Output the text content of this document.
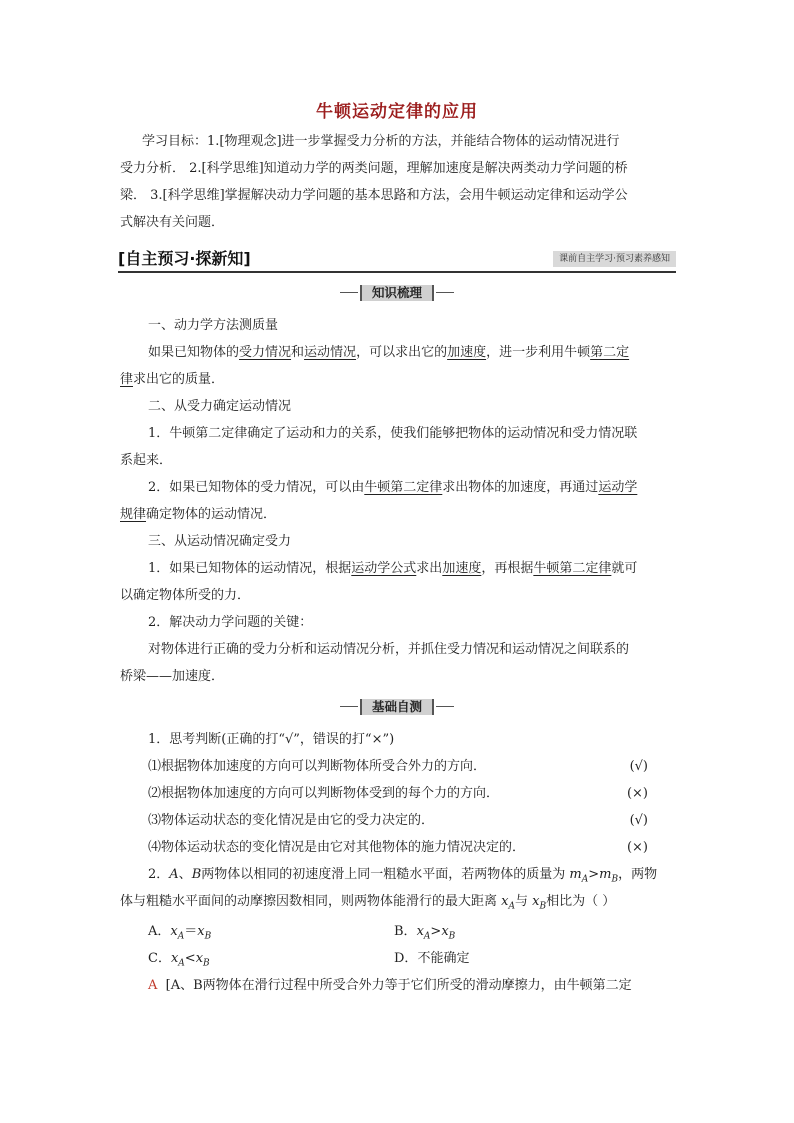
牛顿运动定律的应用
学习目标：1.[物理观念]进一步掌握受力分析的方法，并能结合物体的运动情况进行
受力分析． 2.[科学思维]知道动力学的两类问题，理解加速度是解决两类动力学问题的桥
梁． 3.[科学思维]掌握解决动力学问题的基本思路和方法，会用牛顿运动定律和运动学公
式解决有关问题．
[自主预习·探新知]	课前自主学习·预习素养感知
知识梳理
一、动力学方法测质量
如果已知物体的受力情况和运动情况，可以求出它的加速度，进一步利用牛顿第二定
律求出它的质量．
二、从受力确定运动情况
1．牛顿第二定律确定了运动和力的关系，使我们能够把物体的运动情况和受力情况联
系起来．
2．如果已知物体的受力情况，可以由牛顿第二定律求出物体的加速度，再通过运动学
规律确定物体的运动情况．
三、从运动情况确定受力
1．如果已知物体的运动情况，根据运动学公式求出加速度，再根据牛顿第二定律就可
以确定物体所受的力．
2．解决动力学问题的关键：
对物体进行正确的受力分析和运动情况分析，并抓住受力情况和运动情况之间联系的
桥梁——加速度．
基础自测
1．思考判断(正确的打“√”，错误的打“×”)
⑴根据物体加速度的方向可以判断物体所受合外力的方向．	(√)
⑵根据物体加速度的方向可以判断物体受到的每个力的方向．	(×)
⑶物体运动状态的变化情况是由它的受力决定的．	(√)
⑷物体运动状态的变化情况是由它对其他物体的施力情况决定的．	(×)
2．A、B两物体以相同的初速度滑上同一粗糙水平面，若两物体的质量为 $m_A>m_B$，两物
体与粗糙水平面间的动摩擦因数相同，则两物体能滑行的最大距离 $x_A$与 $x_B$相比为（ ）
A．$x_A=x_B$	B．$x_A>x_B$
C．$x_A<x_B$	D．不能确定
A [A、B两物体在滑行过程中所受合外力等于它们所受的滑动摩擦力，由牛顿第二定
